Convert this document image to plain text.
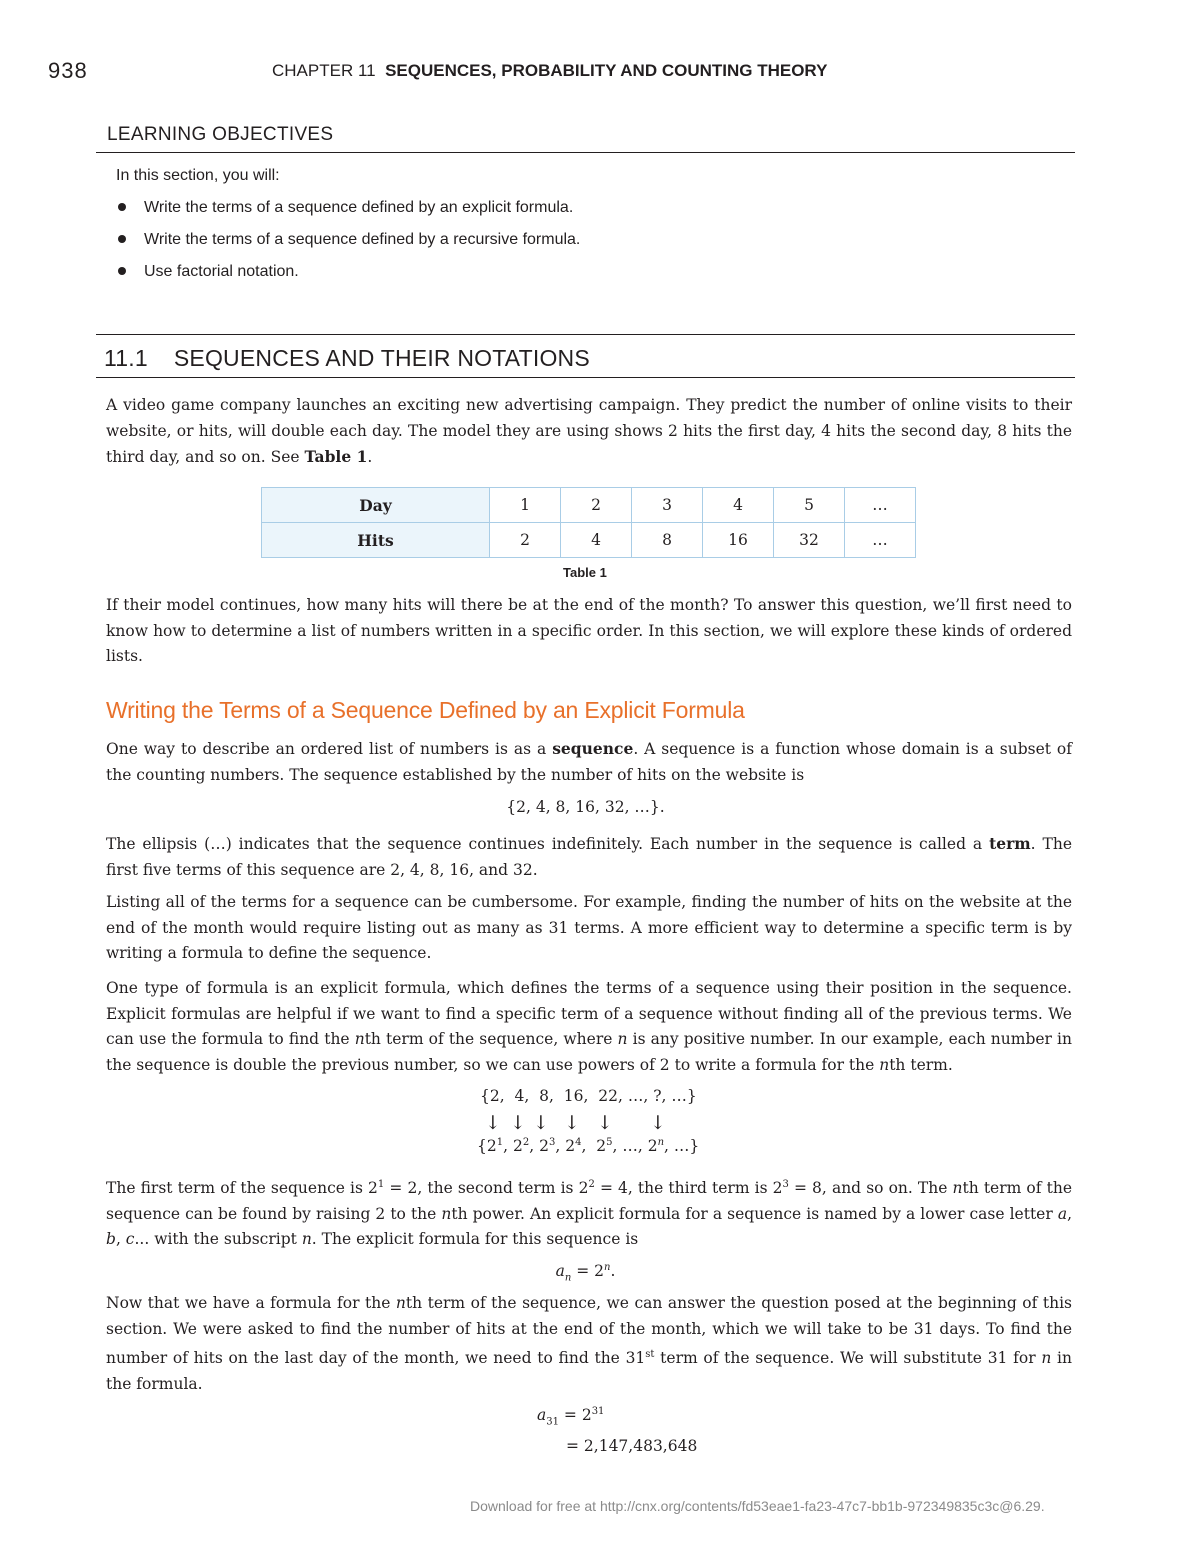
938	CHAPTER 11 SEQUENCES, PROBABILITY AND COUNTING THEORY
LEARNING OBJECTIVES
In this section, you will:
Write the terms of a sequence defined by an explicit formula.
Write the terms of a sequence defined by a recursive formula.
Use factorial notation.
11.1 SEQUENCES AND THEIR NOTATIONS
A video game company launches an exciting new advertising campaign. They predict the number of online visits to their website, or hits, will double each day. The model they are using shows 2 hits the first day, 4 hits the second day, 8 hits the third day, and so on. See Table 1.
Day	1	2	3	4	5	…
Hits	2	4	8	16	32	…
Table 1
If their model continues, how many hits will there be at the end of the month? To answer this question, we’ll first need to know how to determine a list of numbers written in a specific order. In this section, we will explore these kinds of ordered lists.
Writing the Terms of a Sequence Defined by an Explicit Formula
One way to describe an ordered list of numbers is as a sequence. A sequence is a function whose domain is a subset of the counting numbers. The sequence established by the number of hits on the website is
{2, 4, 8, 16, 32, …}.
The ellipsis (…) indicates that the sequence continues indefinitely. Each number in the sequence is called a term. The first five terms of this sequence are 2, 4, 8, 16, and 32.
Listing all of the terms for a sequence can be cumbersome. For example, finding the number of hits on the website at the end of the month would require listing out as many as 31 terms. A more efficient way to determine a specific term is by writing a formula to define the sequence.
One type of formula is an explicit formula, which defines the terms of a sequence using their position in the sequence. Explicit formulas are helpful if we want to find a specific term of a sequence without finding all of the previous terms. We can use the formula to find the nth term of the sequence, where n is any positive number. In our example, each number in the sequence is double the previous number, so we can use powers of 2 to write a formula for the nth term.
{2,  4,  8,  16,  22, …, ?, …}
↓ ↓ ↓ ↓ ↓ ↓
{$2^1$, $2^2$, $2^3$, $2^4$,  $2^5$, …, 2$^n$, …}
The first term of the sequence is $2^1 = 2$, the second term is $2^2 = 4$, the third term is $2^3 = 8$, and so on. The nth term of the sequence can be found by raising 2 to the nth power. An explicit formula for a sequence is named by a lower case letter a, b, c... with the subscript n. The explicit formula for this sequence is
$a_n = 2^n$.
Now that we have a formula for the nth term of the sequence, we can answer the question posed at the beginning of this section. We were asked to find the number of hits at the end of the month, which we will take to be 31 days. To find the number of hits on the last day of the month, we need to find the 31st term of the sequence. We will substitute 31 for n in the formula.
$a_{31} = 2^{31}$
= 2,147,483,648
Download for free at http://cnx.org/contents/fd53eae1-fa23-47c7-bb1b-972349835c3c@6.29.
